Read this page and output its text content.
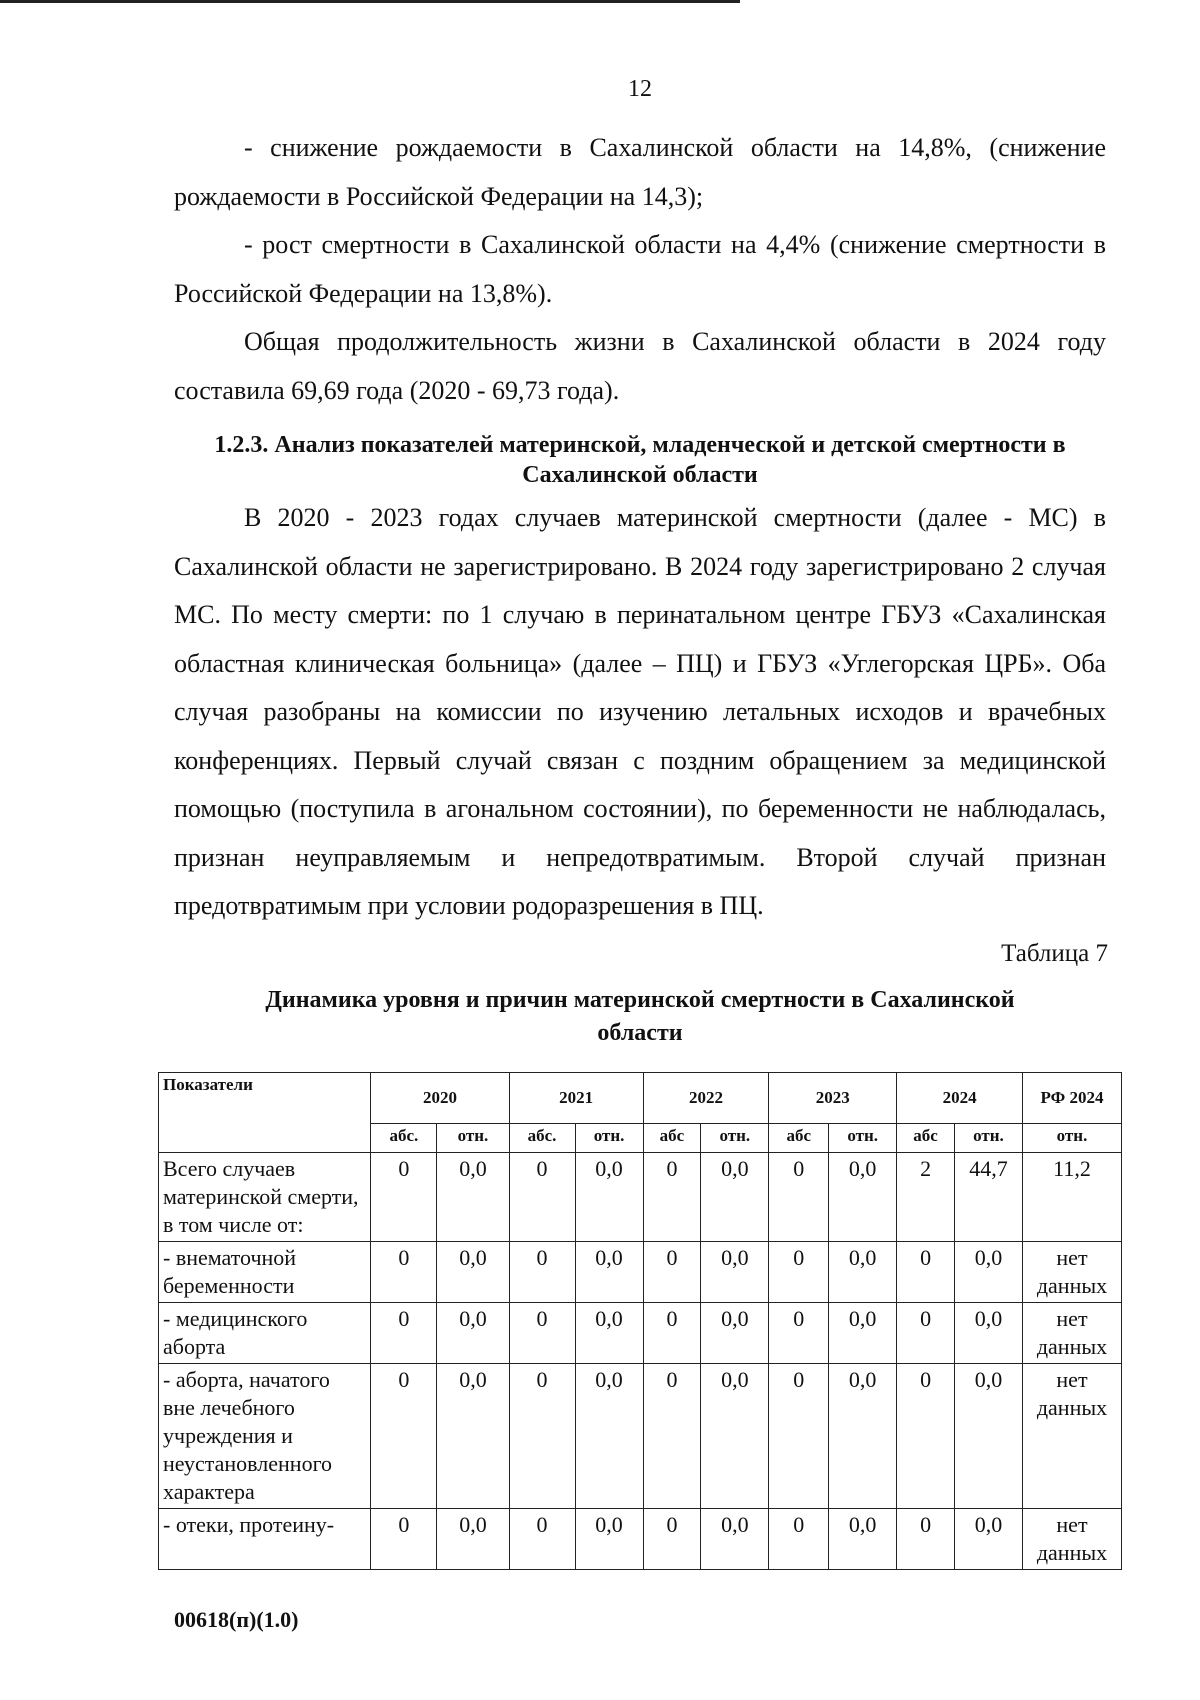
12

- снижение рождаемости в Сахалинской области на 14,8%, (снижение рождаемости в Российской Федерации на 14,3);

- рост смертности в Сахалинской области на 4,4% (снижение смертности в Российской Федерации на 13,8%).

Общая продолжительность жизни в Сахалинской области в 2024 году составила 69,69 года (2020 - 69,73 года).

1.2.3. Анализ показателей материнской, младенческой и детской смертности в Сахалинской области

В 2020 - 2023 годах случаев материнской смертности (далее - МС) в Сахалинской области не зарегистрировано. В 2024 году зарегистрировано 2 случая МС. По месту смерти: по 1 случаю в перинатальном центре ГБУЗ «Сахалинская областная клиническая больница» (далее – ПЦ) и ГБУЗ «Углегорская ЦРБ». Оба случая разобраны на комиссии по изучению летальных исходов и врачебных конференциях. Первый случай связан с поздним обращением за медицинской помощью (поступила в агональном состоянии), по беременности не наблюдалась, признан неуправляемым и непредотвратимым. Второй случай признан предотвратимым при условии родоразрешения в ПЦ.

Таблица 7
Динамика уровня и причин материнской смертности в Сахалинской области
Показатели	2020		2021		2022		2023		2024		РФ 2024
	абс.	отн.	абс.	отн.	абс	отн.	абс	отн.	абс	отн.	отн.
Всего случаев материнской смерти, в том числе от:	0	0,0	0	0,0	0	0,0	0	0,0	2	44,7	11,2
- внематочной беременности	0	0,0	0	0,0	0	0,0	0	0,0	0	0,0	нет данных
- медицинского аборта	0	0,0	0	0,0	0	0,0	0	0,0	0	0,0	нет данных
- аборта, начатого вне лечебного учреждения и неустановленного характера	0	0,0	0	0,0	0	0,0	0	0,0	0	0,0	нет данных
- отеки, протеину-	0	0,0	0	0,0	0	0,0	0	0,0	0	0,0	нет данных
00618(п)(1.0)
